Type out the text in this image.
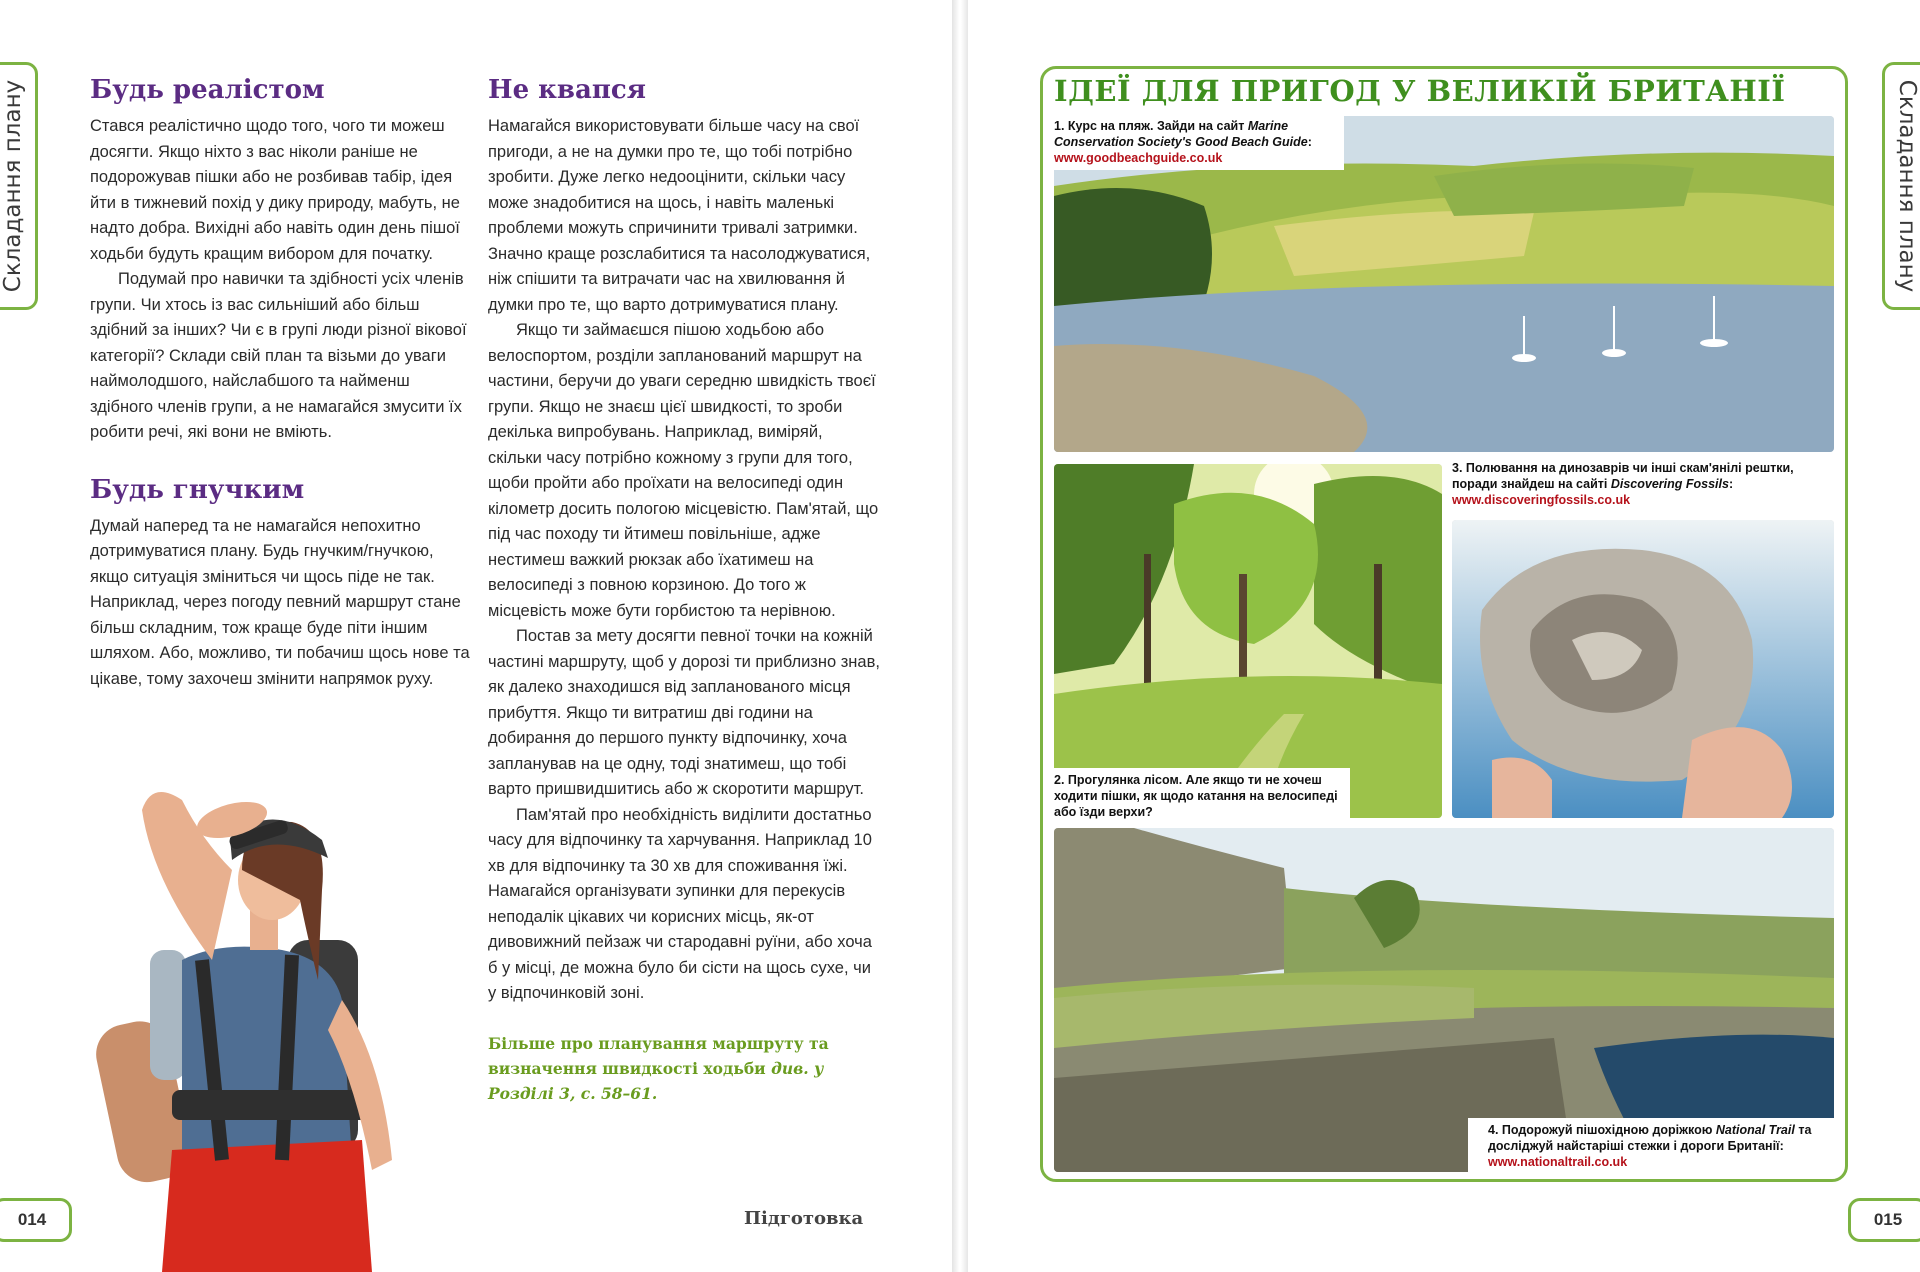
Складання плану Будь реалістом

Стався реалістично щодо того, чого ти можеш досягти. Якщо ніхто з вас ніколи раніше не подорожував пішки або не розбивав табір, ідея йти в тижневий похід у дику природу, мабуть, не надто добра. Вихідні або навіть один день пішої ходьби будуть кращим вибором для початку.

Подумай про навички та здібності усіх членів групи. Чи хтось із вас сильніший або більш здібний за інших? Чи є в групі люди різної вікової категорії? Склади свій план та візьми до уваги наймолодшого, найслабшого та найменш здібного членів групи, а не намагайся змусити їх робити речі, які вони не вміють.

Будь гнучким

Думай наперед та не намагайся непохитно дотримуватися плану. Будь гнучким/гнучкою, якщо ситуація зміниться чи щось піде не так. Наприклад, через погоду певний маршрут стане більш складним, тож краще буде піти іншим шляхом. Або, можливо, ти побачиш щось нове та цікаве, тому захочеш змінити напрямок руху.

Не квапся

Намагайся використовувати більше часу на свої пригоди, а не на думки про те, що тобі потрібно зробити. Дуже легко недооцінити, скільки часу може знадобитися на щось, і навіть маленькі проблеми можуть спричинити тривалі затримки. Значно краще розслабитися та насолоджуватися, ніж спішити та витрачати час на хвилювання й думки про те, що варто дотримуватися плану.

Якщо ти займаєшся пішою ходьбою або велоспортом, розділи запланований маршрут на частини, беручи до уваги середню швидкість твоєї групи. Якщо не знаєш цієї швидкості, то зроби декілька випробувань. Наприклад, виміряй, скільки часу потрібно кожному з групи для того, щоби пройти або проїхати на велосипеді один кілометр досить пологою місцевістю. Пам'ятай, що під час походу ти йтимеш повільніше, адже нестимеш важкий рюкзак або їхатимеш на велосипеді з повною корзиною. До того ж місцевість може бути горбистою та нерівною.

Постав за мету досягти певної точки на кожній частині маршруту, щоб у дорозі ти приблизно знав, як далеко знаходишся від запланованого місця прибуття. Якщо ти витратиш дві години на добирання до першого пункту відпочинку, хоча запланував на це одну, тоді знатимеш, що тобі варто пришвидшитись або ж скоротити маршрут.

Пам'ятай про необхідність виділити достатньо часу для відпочинку та харчування. Наприклад 10 хв для відпочинку та 30 хв для споживання їжі. Намагайся організувати зупинки для перекусів неподалік цікавих чи корисних місць, як-от дивовижний пейзаж чи стародавні руїни, або хоча б у місці, де можна було би сісти на щось сухе, чи у відпочинковій зоні.

Більше про планування маршруту та визначення швидкості ходьби див. у Розділі 3, с. 58–61.
014	Підготовка
ІДЕЇ ДЛЯ ПРИГОД У ВЕЛИКІЙ БРИТАНІЇ
1. Курс на пляж. Зайди на сайт Marine Conservation Society's Good Beach Guide:
www.goodbeachguide.co.uk
2. Прогулянка лісом. Але якщо ти не хочеш ходити пішки, як щодо катання на велосипеді або їзди верхи?
3. Полювання на динозаврів чи інші скам'янілі рештки, поради знайдеш на сайті Discovering Fossils:
www.discoveringfossils.co.uk
4. Подорожуй пішохідною доріжкою National Trail та досліджуй найстаріші стежки і дороги Британії:
www.nationaltrail.co.uk
Складання плану
015
